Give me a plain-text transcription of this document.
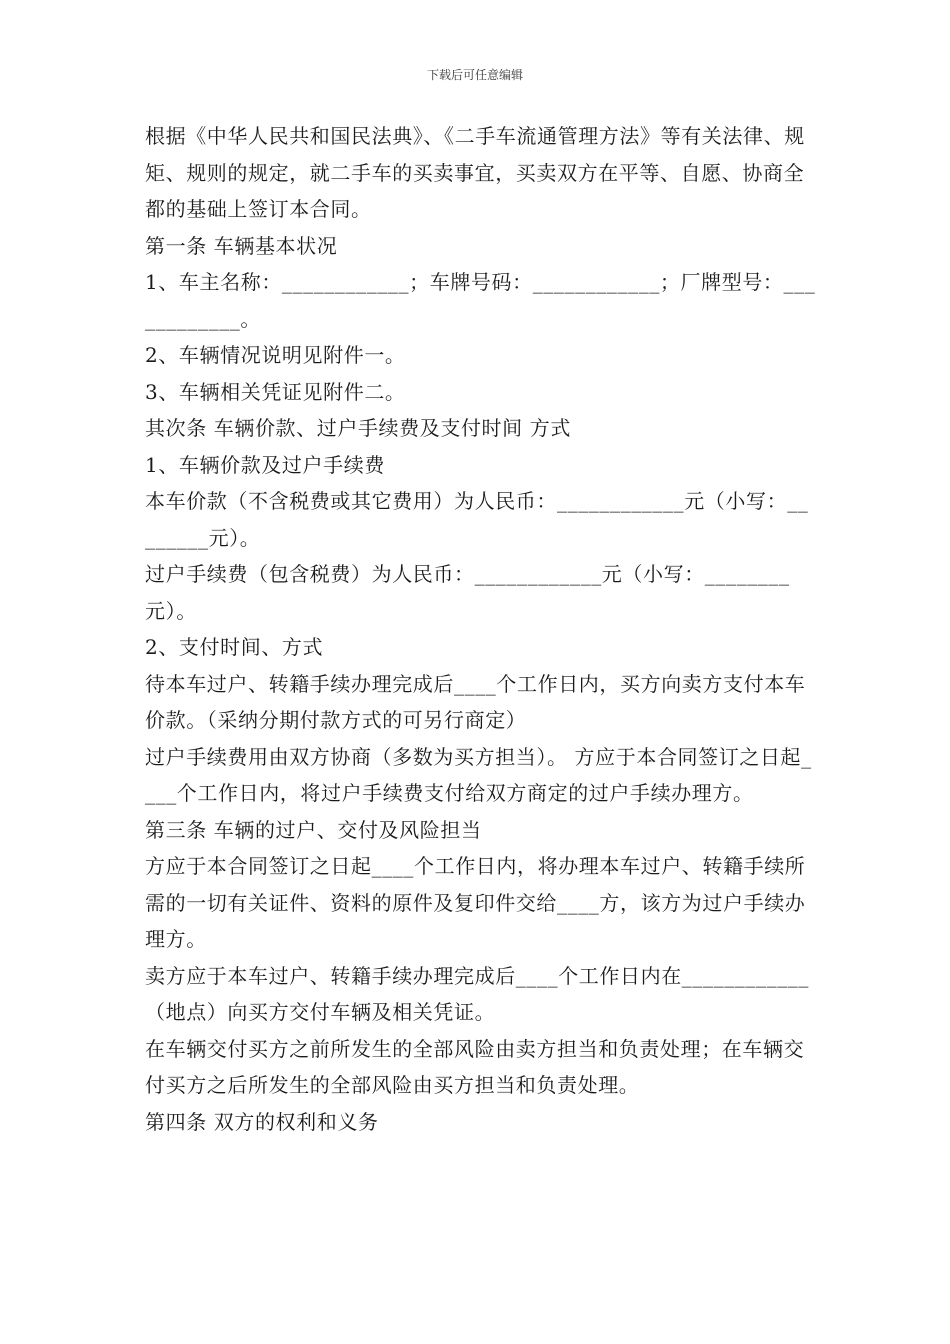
下载后可任意编辑

根据《中华人民共和国民法典》、《二手车流通管理方法》等有关法律、规矩、规则的规定，就二手车的买卖事宜，买卖双方在平等、自愿、协商全都的基础上签订本合同。

第一条 车辆基本状况

1、车主名称：____________；车牌号码：____________；厂牌型号：____________。

2、车辆情况说明见附件一。

3、车辆相关凭证见附件二。

其次条 车辆价款、过户手续费及支付时间 方式

1、车辆价款及过户手续费

本车价款（不含税费或其它费用）为人民币：____________元（小写：________元）。

过户手续费（包含税费）为人民币：____________元（小写：________元）。

2、支付时间、方式

待本车过户、转籍手续办理完成后____个工作日内，买方向卖方支付本车价款。（采纳分期付款方式的可另行商定）

过户手续费用由双方协商（多数为买方担当）。 方应于本合同签订之日起____个工作日内，将过户手续费支付给双方商定的过户手续办理方。

第三条 车辆的过户、交付及风险担当

方应于本合同签订之日起____个工作日内，将办理本车过户、转籍手续所需的一切有关证件、资料的原件及复印件交给____方，该方为过户手续办理方。

卖方应于本车过户、转籍手续办理完成后____个工作日内在____________（地点）向买方交付车辆及相关凭证。

在车辆交付买方之前所发生的全部风险由卖方担当和负责处理；在车辆交付买方之后所发生的全部风险由买方担当和负责处理。

第四条 双方的权利和义务
